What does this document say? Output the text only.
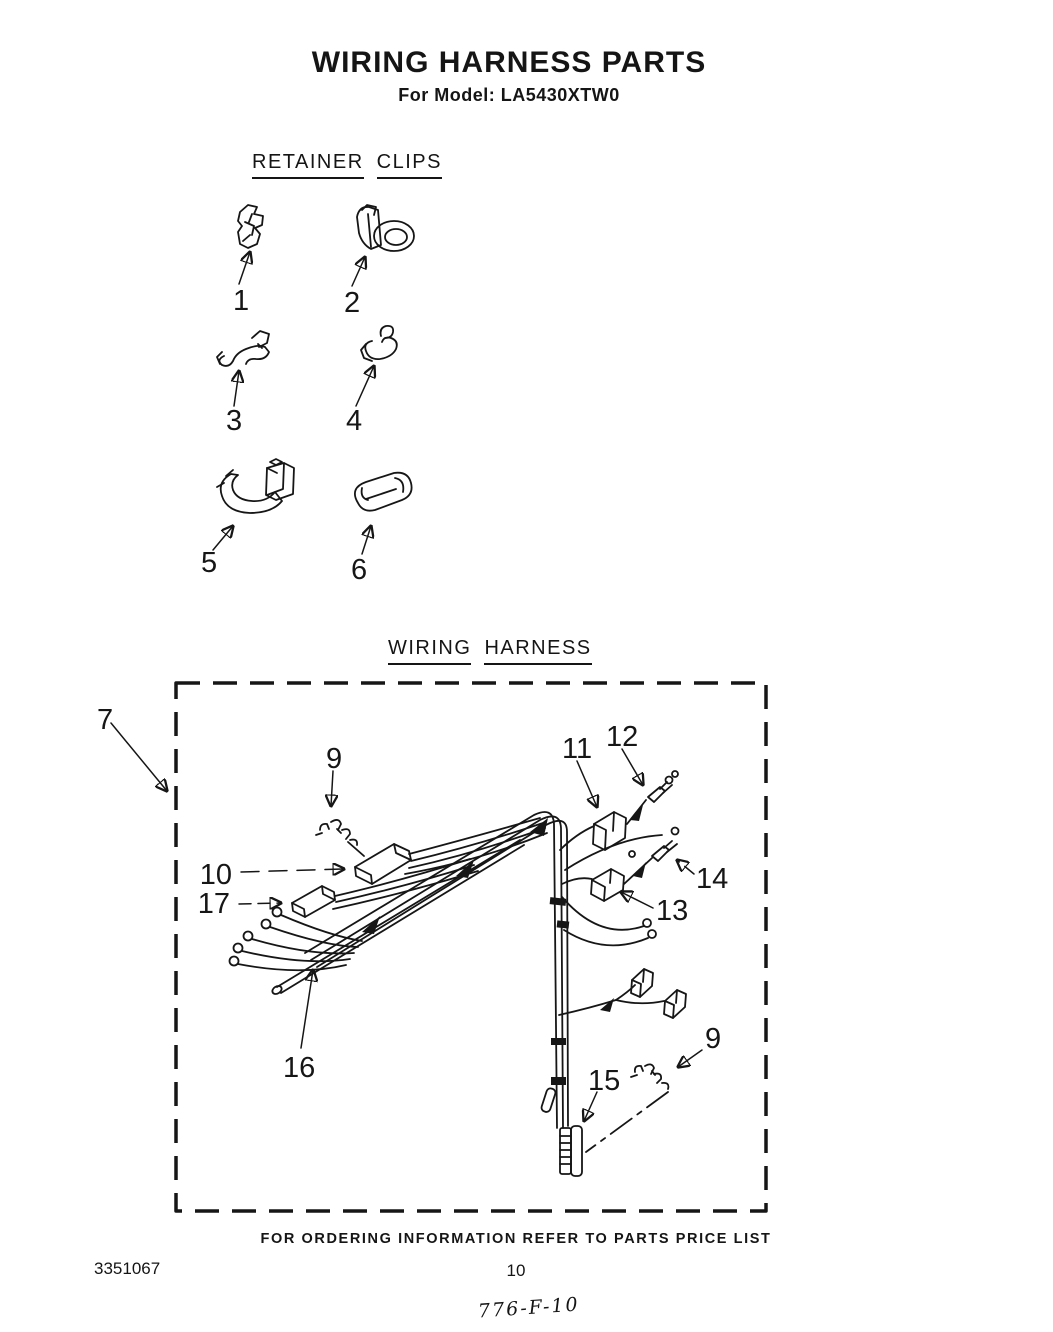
WIRING HARNESS PARTS
For Model: LA5430XTW0
RETAINER CLIPS
WIRING HARNESS
1	2
3	4
5	6
7
9
10
17
11 12
13
14
15
16
9
FOR ORDERING INFORMATION REFER TO PARTS PRICE LIST
3351067	10
776-F-10
